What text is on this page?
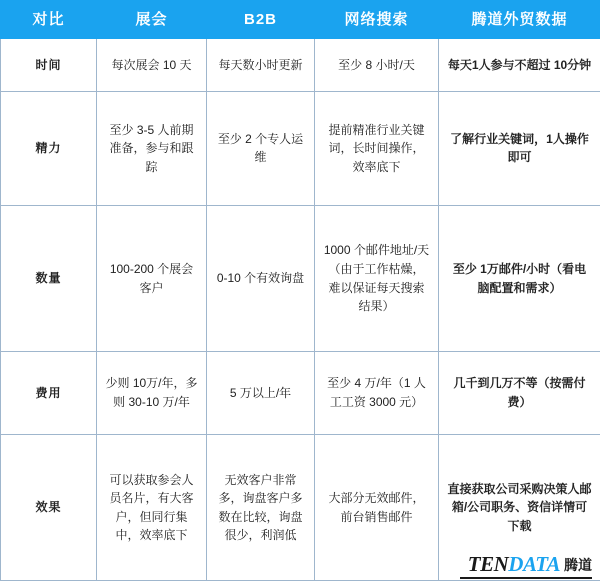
对比	展会	B2B	网络搜索	腾道外贸数据
时间	每次展会 10 天	每天数小时更新	至少 8 小时/天	每天1人参与不超过 10分钟
精力	至少 3-5 人前期准备，参与和跟踪	至少 2 个专人运维	提前精准行业关键词，长时间操作，效率底下	了解行业关键词，1人操作即可
数量	100-200 个展会客户	0-10 个有效询盘	1000 个邮件地址/天（由于工作枯燥，难以保证每天搜索结果）	至少 1万邮件/小时（看电脑配置和需求）
费用	少则 10万/年，多则 30-10 万/年	5 万以上/年	至少 4 万/年（1 人工工资 3000 元）	几千到几万不等（按需付费）
效果	可以获取参会人员名片，有大客户，但同行集中，效率底下	无效客户非常多，询盘客户多数在比较，询盘很少，利润低	大部分无效邮件，前台销售邮件	直接获取公司采购决策人邮箱/公司职务、资信详情可下载
TENDATA 腾道
